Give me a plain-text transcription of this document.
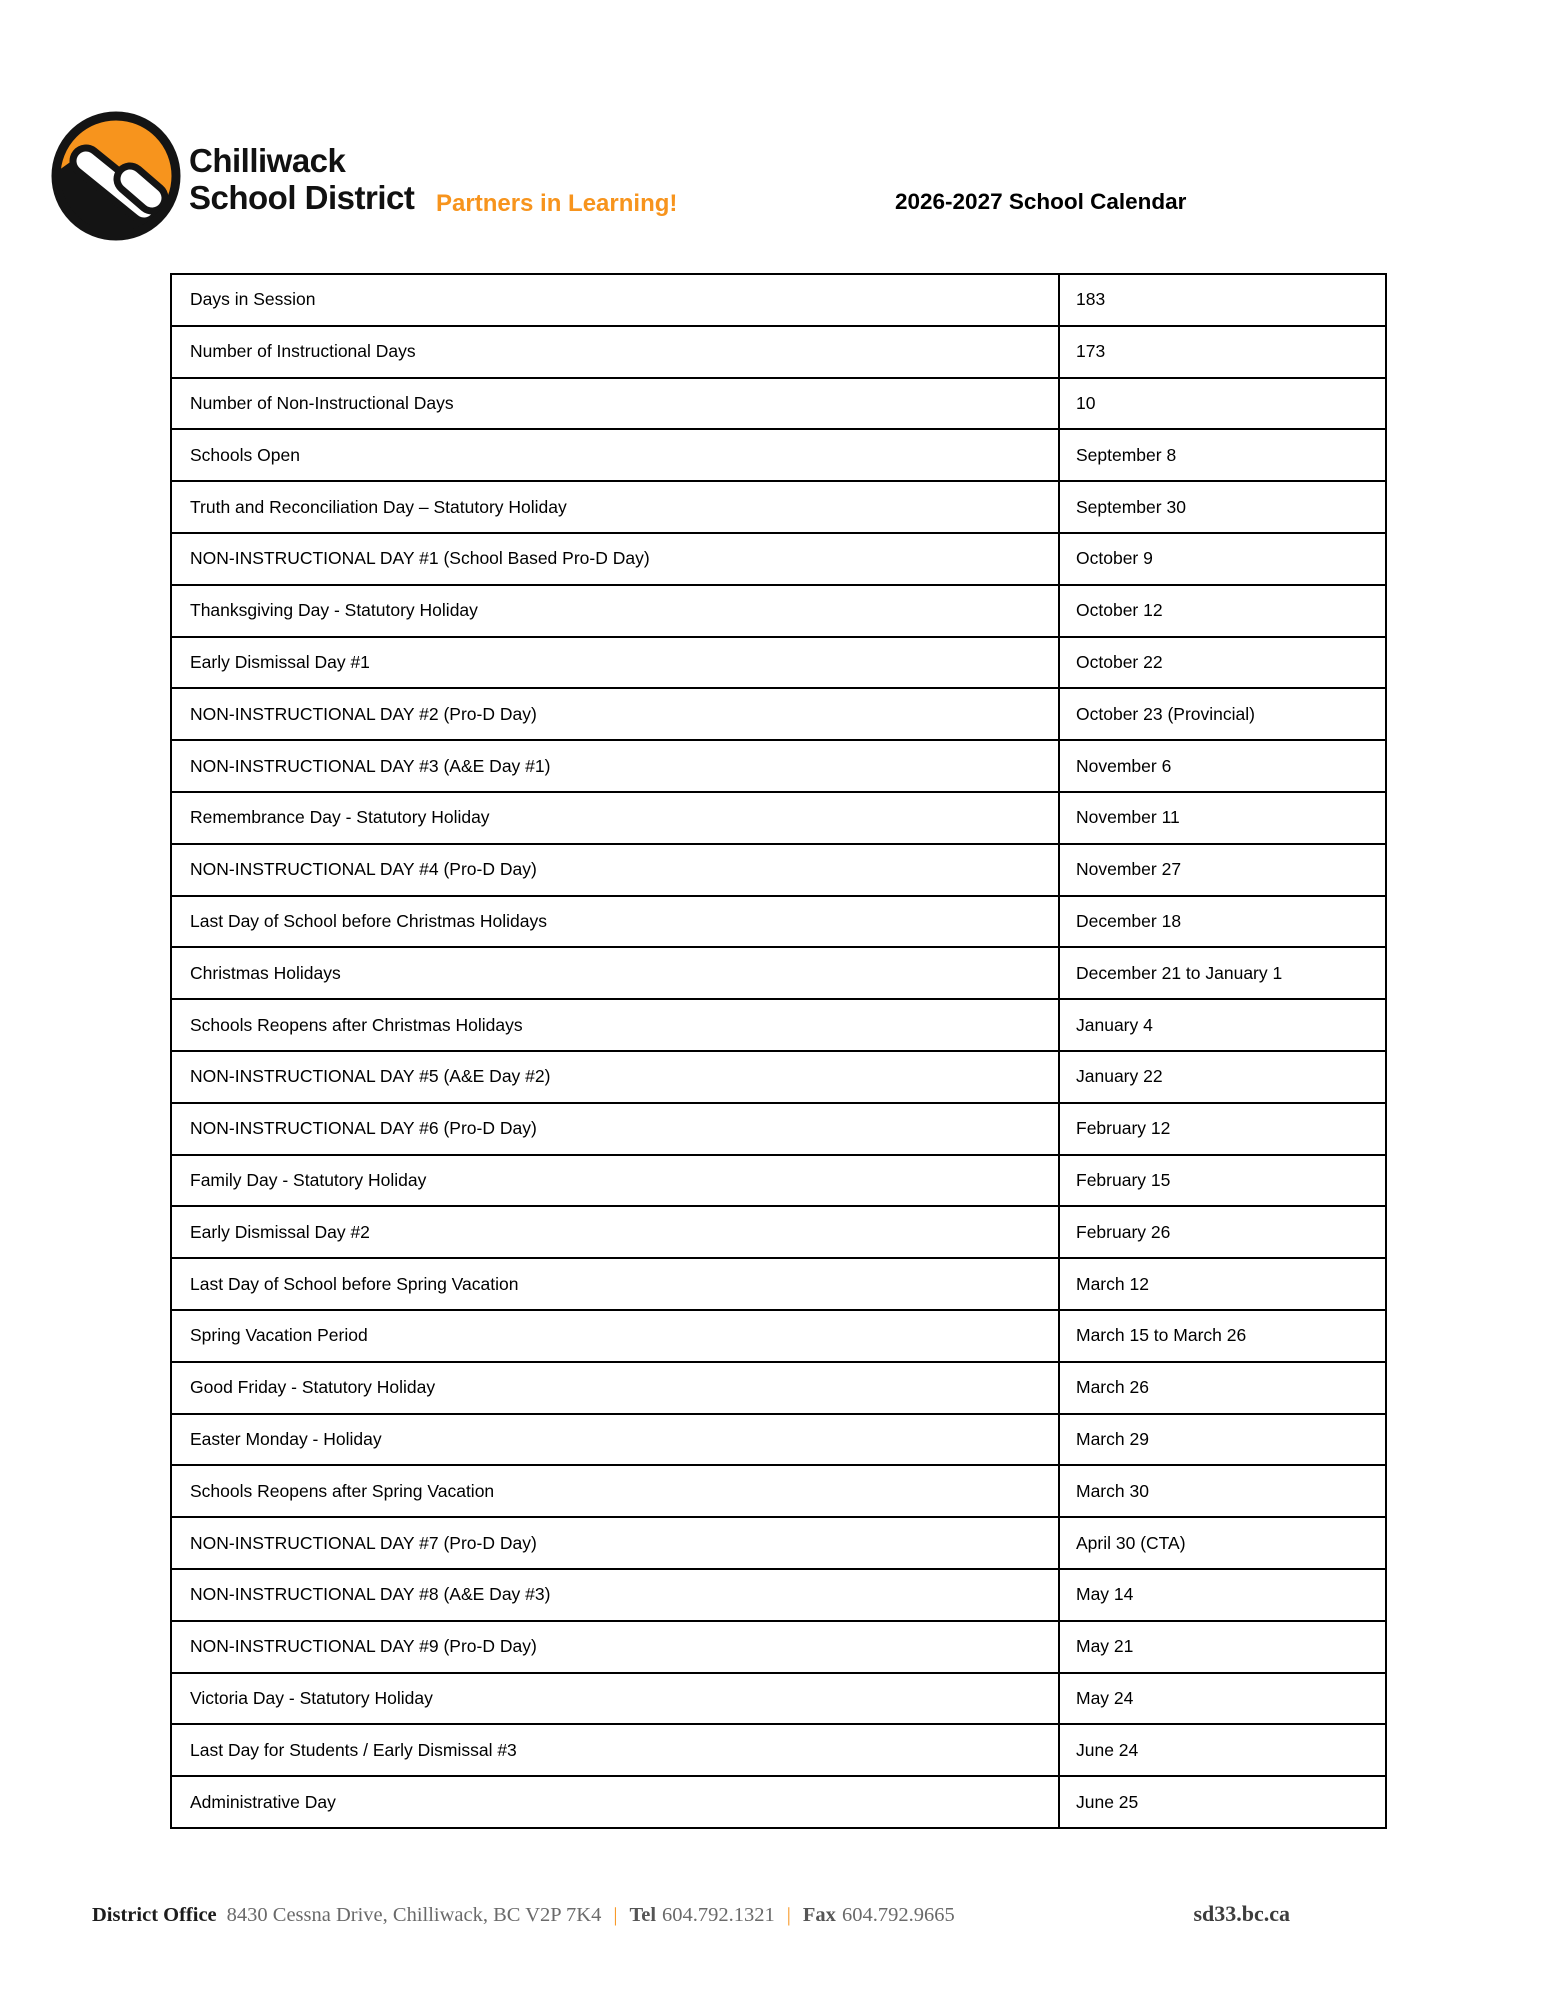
Chilliwack
School District Partners in Learning!	2026-2027 School Calendar
Days in Session	183
Number of Instructional Days	173
Number of Non-Instructional Days	10
Schools Open	September 8
Truth and Reconciliation Day – Statutory Holiday	September 30
NON-INSTRUCTIONAL DAY #1 (School Based Pro-D Day)	October 9
Thanksgiving Day - Statutory Holiday	October 12
Early Dismissal Day #1	October 22
NON-INSTRUCTIONAL DAY #2 (Pro-D Day)	October 23 (Provincial)
NON-INSTRUCTIONAL DAY #3 (A&E Day #1)	November 6
Remembrance Day - Statutory Holiday	November 11
NON-INSTRUCTIONAL DAY #4 (Pro-D Day)	November 27
Last Day of School before Christmas Holidays	December 18
Christmas Holidays	December 21 to January 1
Schools Reopens after Christmas Holidays	January 4
NON-INSTRUCTIONAL DAY #5 (A&E Day #2)	January 22
NON-INSTRUCTIONAL DAY #6 (Pro-D Day)	February 12
Family Day - Statutory Holiday	February 15
Early Dismissal Day #2	February 26
Last Day of School before Spring Vacation	March 12
Spring Vacation Period	March 15 to March 26
Good Friday - Statutory Holiday	March 26
Easter Monday - Holiday	March 29
Schools Reopens after Spring Vacation	March 30
NON-INSTRUCTIONAL DAY #7 (Pro-D Day)	April 30 (CTA)
NON-INSTRUCTIONAL DAY #8 (A&E Day #3)	May 14
NON-INSTRUCTIONAL DAY #9 (Pro-D Day)	May 21
Victoria Day - Statutory Holiday	May 24
Last Day for Students / Early Dismissal #3	June 24
Administrative Day	June 25
District Office 8430 Cessna Drive, Chilliwack, BC V2P 7K4 | Tel 604.792.1321 | Fax 604.792.9665	sd33.bc.ca
